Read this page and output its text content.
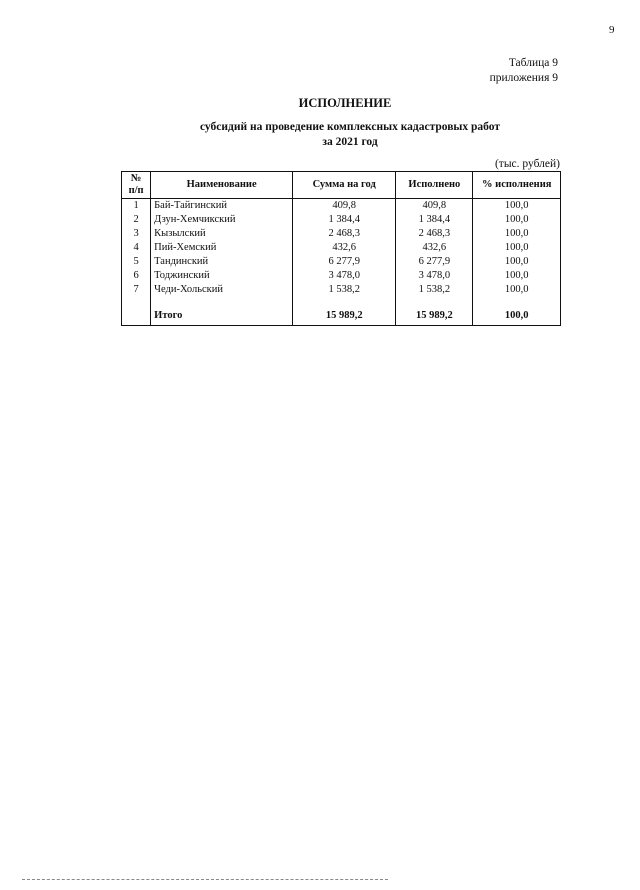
9
Таблица 9
приложения 9
ИСПОЛНЕНИЕ
субсидий на проведение комплексных кадастровых работ
за 2021 год
(тыс. рублей)
№
п/п	Наименование	Сумма на год	Исполнено	% исполнения
1	Бай-Тайгинский	409,8	409,8	100,0
2	Дзун-Хемчикский	1 384,4	1 384,4	100,0
3	Кызылский	2 468,3	2 468,3	100,0
4	Пий-Хемский	432,6	432,6	100,0
5	Тандинский	6 277,9	6 277,9	100,0
6	Тоджинский	3 478,0	3 478,0	100,0
7	Чеди-Хольский	1 538,2	1 538,2	100,0

	Итого	15 989,2	15 989,2	100,0
